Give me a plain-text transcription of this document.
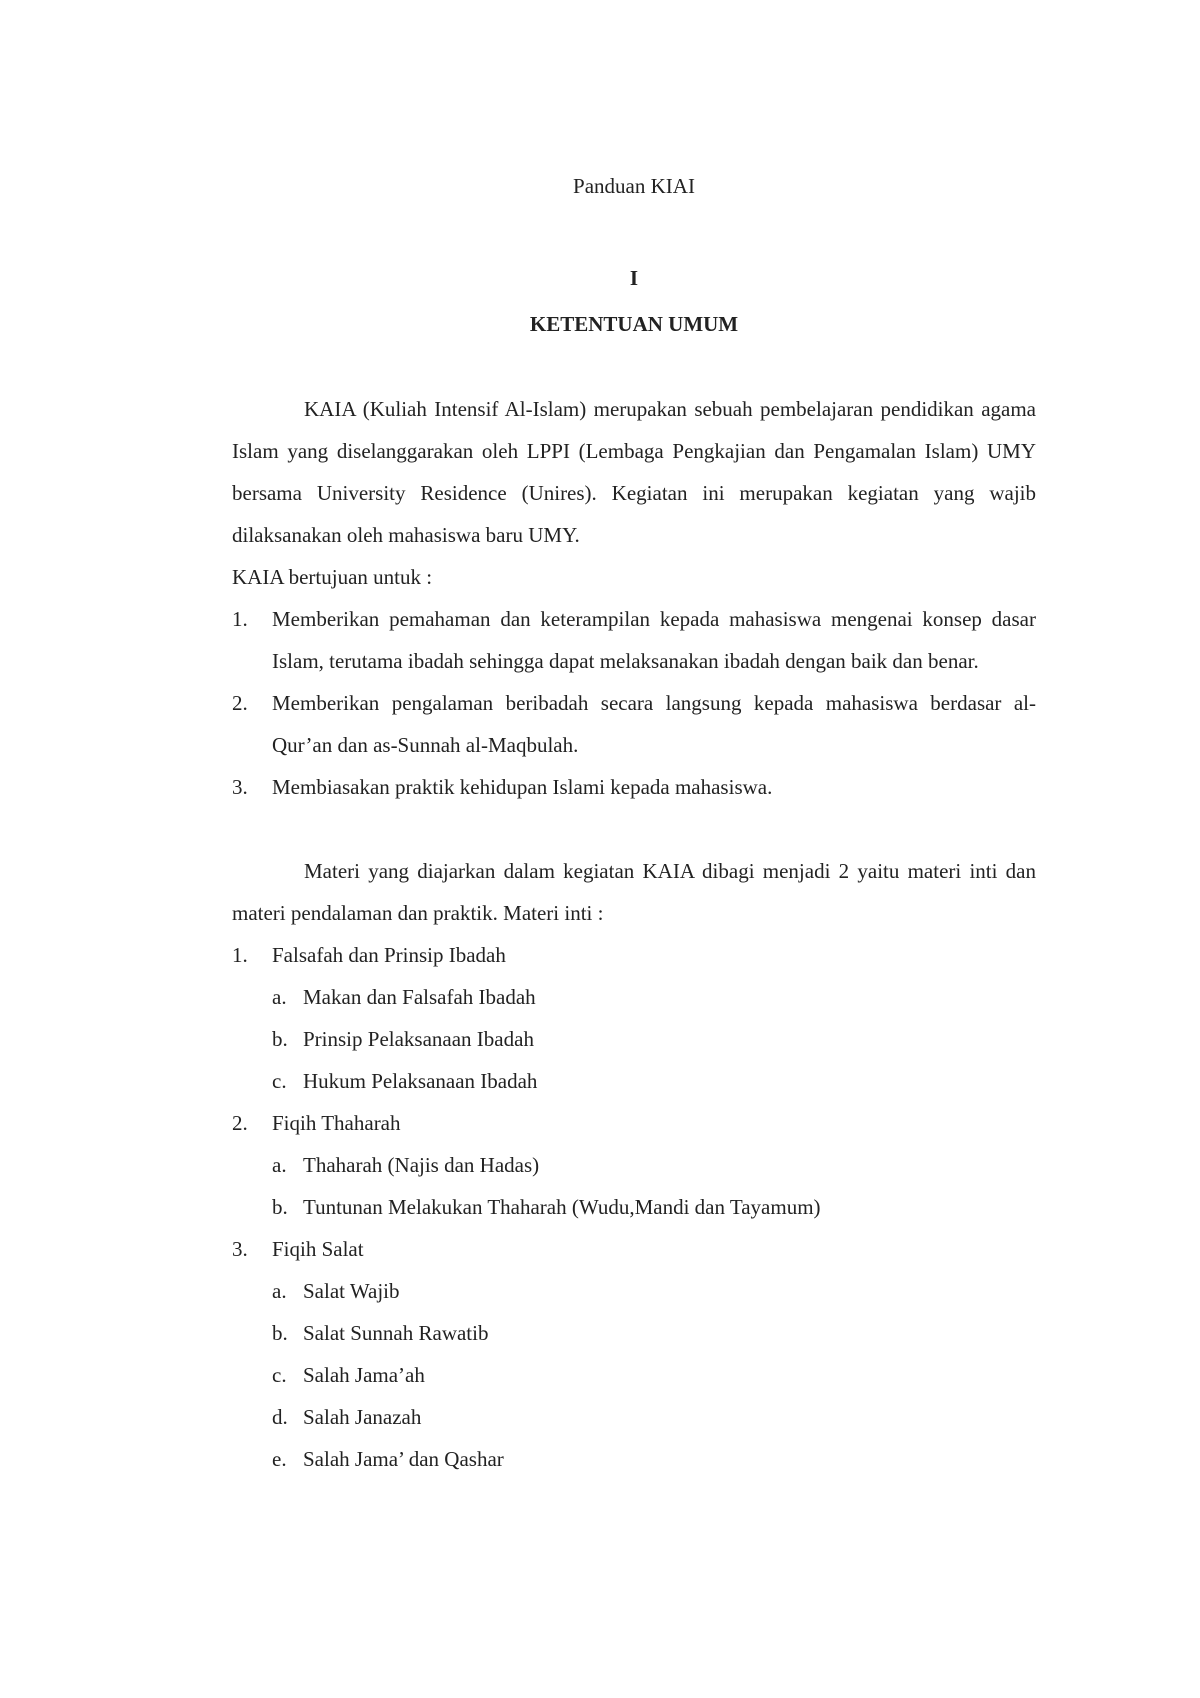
Panduan KIAI

I

KETENTUAN UMUM

KAIA (Kuliah Intensif Al-Islam) merupakan sebuah pembelajaran pendidikan agama Islam yang diselanggarakan oleh LPPI (Lembaga Pengkajian dan Pengamalan Islam) UMY bersama University Residence (Unires). Kegiatan ini merupakan kegiatan yang wajib dilaksanakan oleh mahasiswa baru UMY.

KAIA bertujuan untuk :

1. Memberikan pemahaman dan keterampilan kepada mahasiswa mengenai konsep dasar Islam, terutama ibadah sehingga dapat melaksanakan ibadah dengan baik dan benar.
2. Memberikan pengalaman beribadah secara langsung kepada mahasiswa berdasar al-Qur’an dan as-Sunnah al-Maqbulah.
3. Membiasakan praktik kehidupan Islami kepada mahasiswa.

Materi yang diajarkan dalam kegiatan KAIA dibagi menjadi 2 yaitu materi inti dan materi pendalaman dan praktik. Materi inti :

1. Falsafah dan Prinsip Ibadah
a. Makan dan Falsafah Ibadah
b. Prinsip Pelaksanaan Ibadah
c. Hukum Pelaksanaan Ibadah
2. Fiqih Thaharah
a. Thaharah (Najis dan Hadas)
b. Tuntunan Melakukan Thaharah (Wudu,Mandi dan Tayamum)
3. Fiqih Salat
a. Salat Wajib
b. Salat Sunnah Rawatib
c. Salah Jama’ah
d. Salah Janazah
e. Salah Jama’ dan Qashar
